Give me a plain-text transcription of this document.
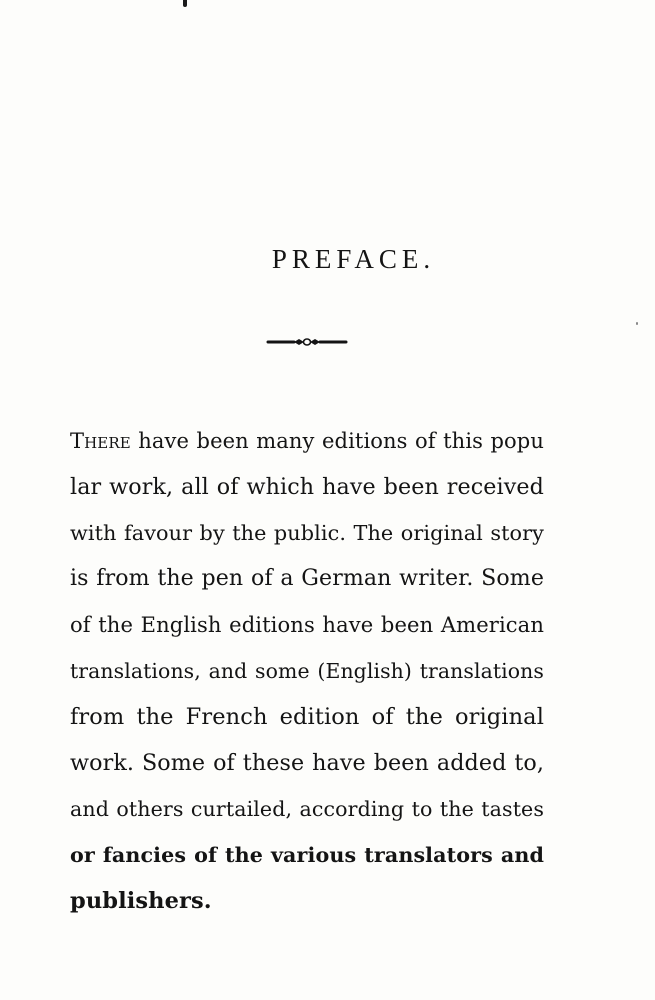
PREFACE.
There have been many editions of this popu
lar work, all of which have been received
with favour by the public. The original story
is from the pen of a German writer. Some
of the English editions have been American
translations, and some (English) translations
from the French edition of the original
work. Some of these have been added to,
and others curtailed, according to the tastes
or fancies of the various translators and
publishers.
